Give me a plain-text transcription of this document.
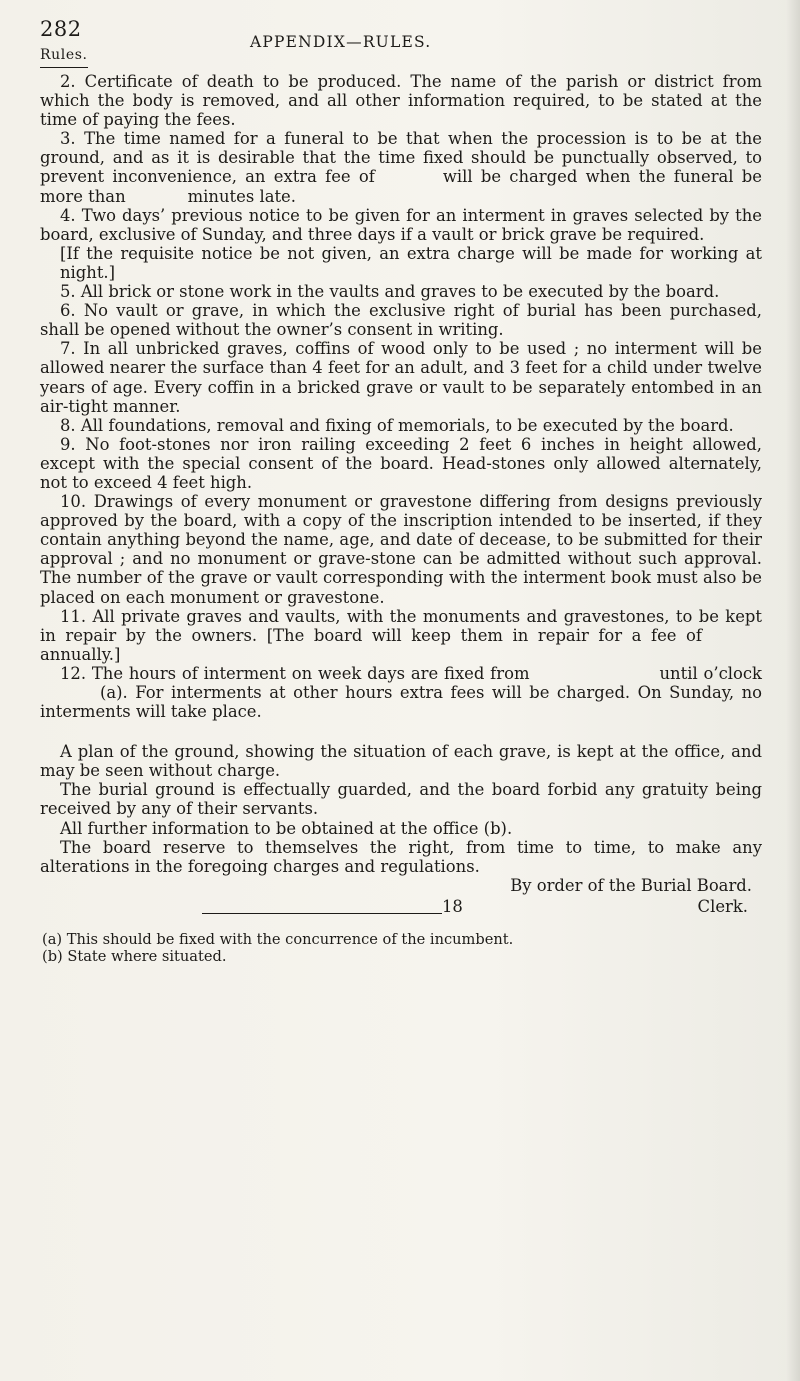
282
Rules.
APPENDIX—RULES.

2. Certificate of death to be produced. The name of the parish or district from which the body is removed, and all other information required, to be stated at the time of paying the fees.

3. The time named for a funeral to be that when the procession is to be at the ground, and as it is desirable that the time fixed should be punctually observed, to prevent inconvenience, an extra fee of	will be charged when the funeral be more than	minutes late.

4. Two days’ previous notice to be given for an interment in graves selected by the board, exclusive of Sunday, and three days if a vault or brick grave be required.

[If the requisite notice be not given, an extra charge will be made for working at night.]

5. All brick or stone work in the vaults and graves to be executed by the board.

6. No vault or grave, in which the exclusive right of burial has been purchased, shall be opened without the owner’s consent in writing.

7. In all unbricked graves, coffins of wood only to be used ; no interment will be allowed nearer the surface than 4 feet for an adult, and 3 feet for a child under twelve years of age. Every coffin in a bricked grave or vault to be separately entombed in an air-tight manner.

8. All foundations, removal and fixing of memorials, to be executed by the board.

9. No foot-stones nor iron railing exceeding 2 feet 6 inches in height allowed, except with the special consent of the board. Head-stones only allowed alternately, not to exceed 4 feet high.

10. Drawings of every monument or gravestone differing from designs previously approved by the board, with a copy of the inscription intended to be inserted, if they contain anything beyond the name, age, and date of decease, to be submitted for their approval ; and no monument or grave-stone can be admitted without such approval. The number of the grave or vault corresponding with the interment book must also be placed on each monument or gravestone.

11. All private graves and vaults, with the monuments and gravestones, to be kept in repair by the owners. [The board will keep them in repair for a fee ofannually.]

12. The hours of interment on week days are fixed from	until o’clock(a). For interments at other hours extra fees will be charged. On Sunday, no interments will take place.

A plan of the ground, showing the situation of each grave, is kept at the office, and may be seen without charge.

The burial ground is effectually guarded, and the board forbid any gratuity being received by any of their servants.

All further information to be obtained at the office (b).

The board reserve to themselves the right, from time to time, to make any alterations in the foregoing charges and regulations.

By order of the Burial Board.

18	Clerk.

(a) This should be fixed with the concurrence of the incumbent.

(b) State where situated.
